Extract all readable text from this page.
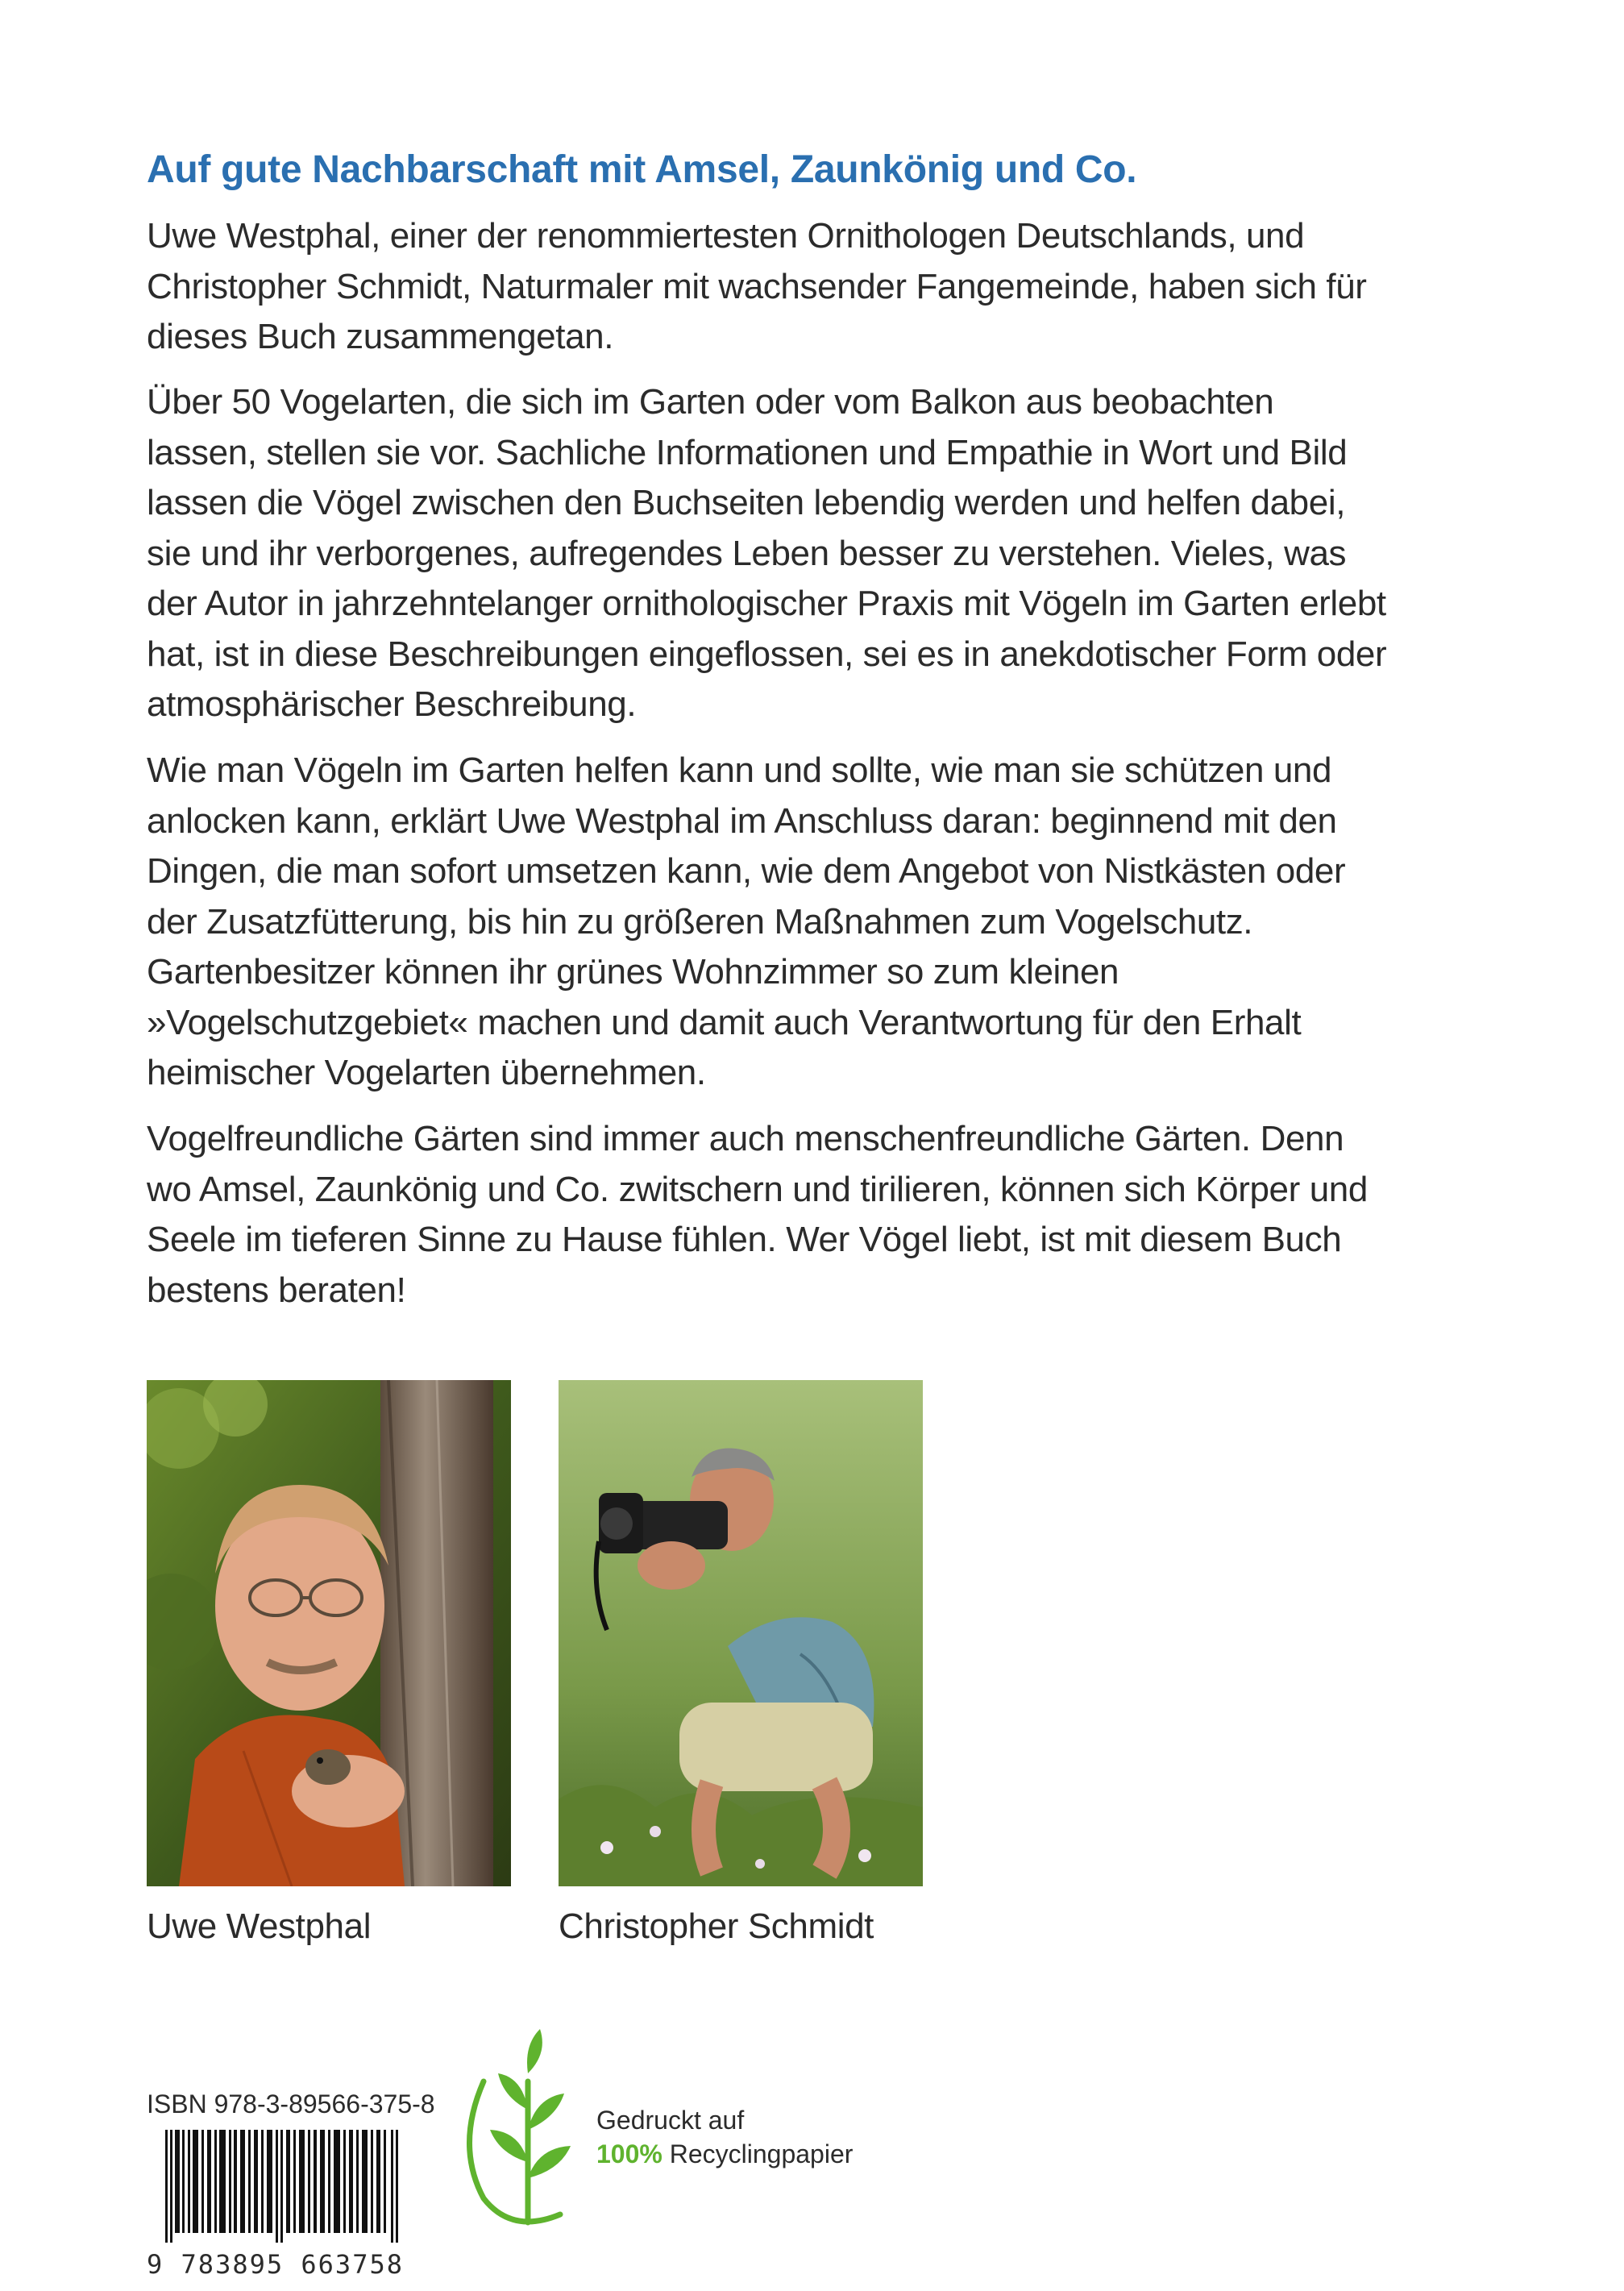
Auf gute Nachbarschaft mit Amsel, Zaunkönig und Co.

Uwe Westphal, einer der renommiertesten Ornithologen Deutschlands, und Christopher Schmidt, Naturmaler mit wachsender Fangemeinde, haben sich für dieses Buch zusammengetan.

Über 50 Vogelarten, die sich im Garten oder vom Balkon aus beobachten lassen, stellen sie vor. Sachliche Informationen und Empathie in Wort und Bild lassen die Vögel zwischen den Buchseiten lebendig werden und helfen dabei, sie und ihr verborgenes, aufregendes Leben besser zu verstehen. Vieles, was der Autor in jahrzehntelanger ornithologischer Praxis mit Vögeln im Garten erlebt hat, ist in diese Beschreibungen eingeflossen, sei es in anekdotischer Form oder atmosphärischer Beschreibung.

Wie man Vögeln im Garten helfen kann und sollte, wie man sie schützen und anlocken kann, erklärt Uwe Westphal im Anschluss daran: beginnend mit den Dingen, die man sofort umsetzen kann, wie dem Angebot von Nistkästen oder der Zusatzfütterung, bis hin zu größeren Maßnahmen zum Vogelschutz. Gartenbesitzer können ihr grünes Wohnzimmer so zum kleinen »Vogelschutzgebiet« machen und damit auch Verantwortung für den Erhalt heimischer Vogelarten übernehmen.

Vogelfreundliche Gärten sind immer auch menschenfreundliche Gärten. Denn wo Amsel, Zaunkönig und Co. zwitschern und tirilieren, können sich Körper und Seele im tieferen Sinne zu Hause fühlen. Wer Vögel liebt, ist mit diesem Buch bestens beraten!

Uwe Westphal	Christopher Schmidt
ISBN 978-3-89566-375-8
9 783895 663758
Gedruckt auf
100% Recyclingpapier
